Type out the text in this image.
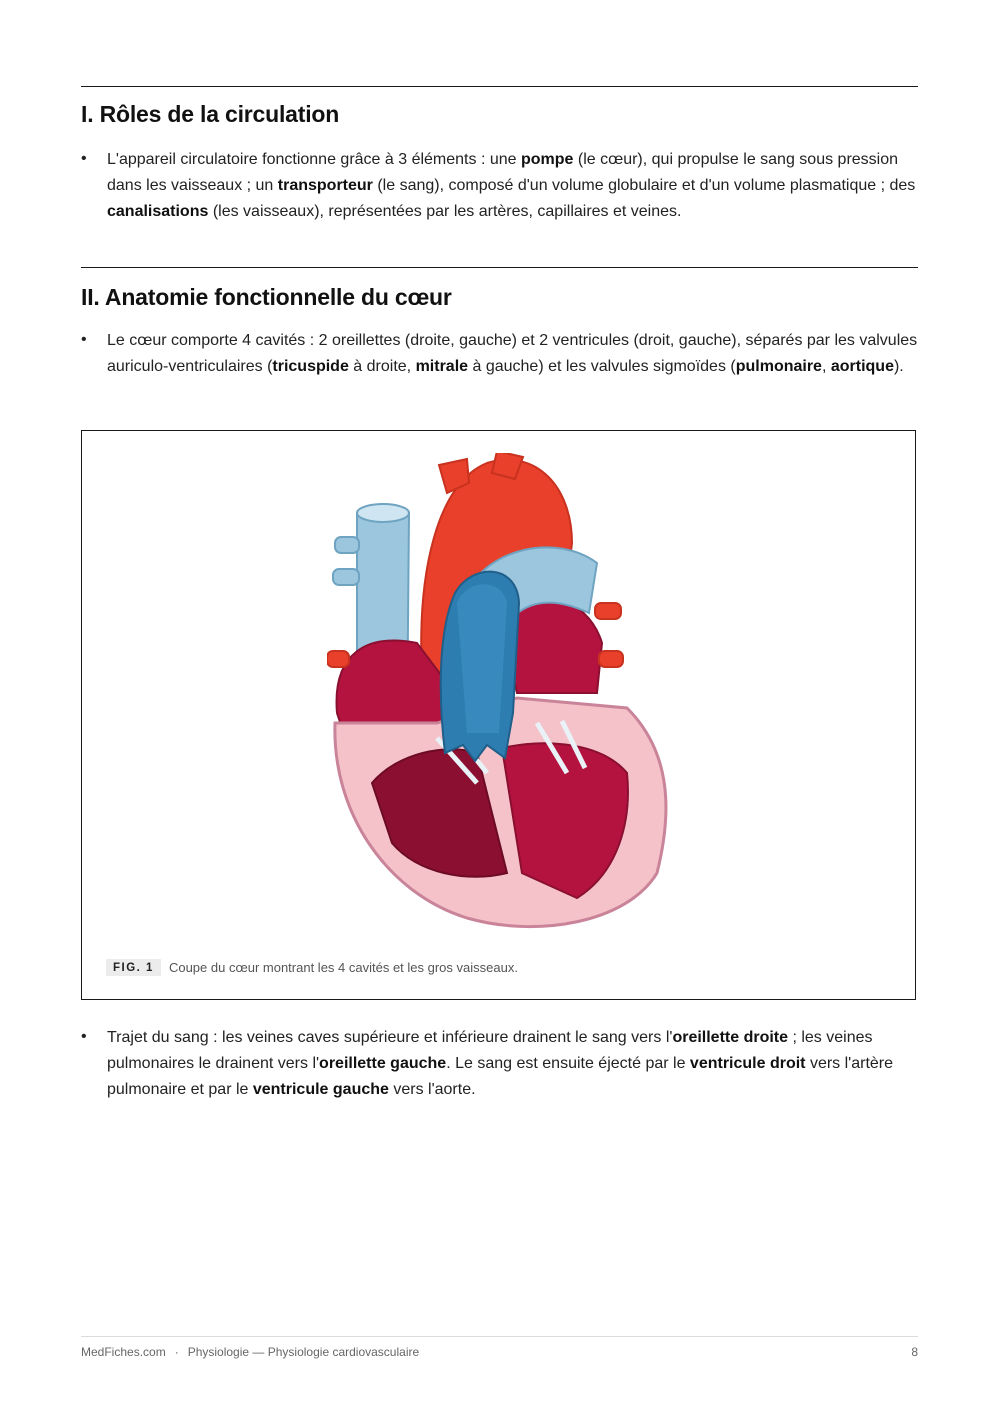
I. Rôles de la circulation
• L'appareil circulatoire fonctionne grâce à 3 éléments : une pompe (le cœur), qui propulse le sang sous pression dans les vaisseaux ; un transporteur (le sang), composé d'un volume globulaire et d'un volume plasmatique ; des canalisations (les vaisseaux), représentées par les artères, capillaires et veines.
II. Anatomie fonctionnelle du cœur
• Le cœur comporte 4 cavités : 2 oreillettes (droite, gauche) et 2 ventricules (droit, gauche), séparés par les valvules auriculo-ventriculaires (tricuspide à droite, mitrale à gauche) et les valvules sigmoïdes (pulmonaire, aortique).
• Trajet du sang : les veines caves supérieure et inférieure drainent le sang vers l'oreillette droite ; les veines pulmonaires le drainent vers l'oreillette gauche. Le sang est ensuite éjecté par le ventricule droit vers l'artère pulmonaire et par le ventricule gauche vers l'aorte.
FIG. 1	Coupe du cœur montrant les 4 cavités et les gros vaisseaux.
MedFiches.com · Physiologie — Physiologie cardiovasculaire	8
